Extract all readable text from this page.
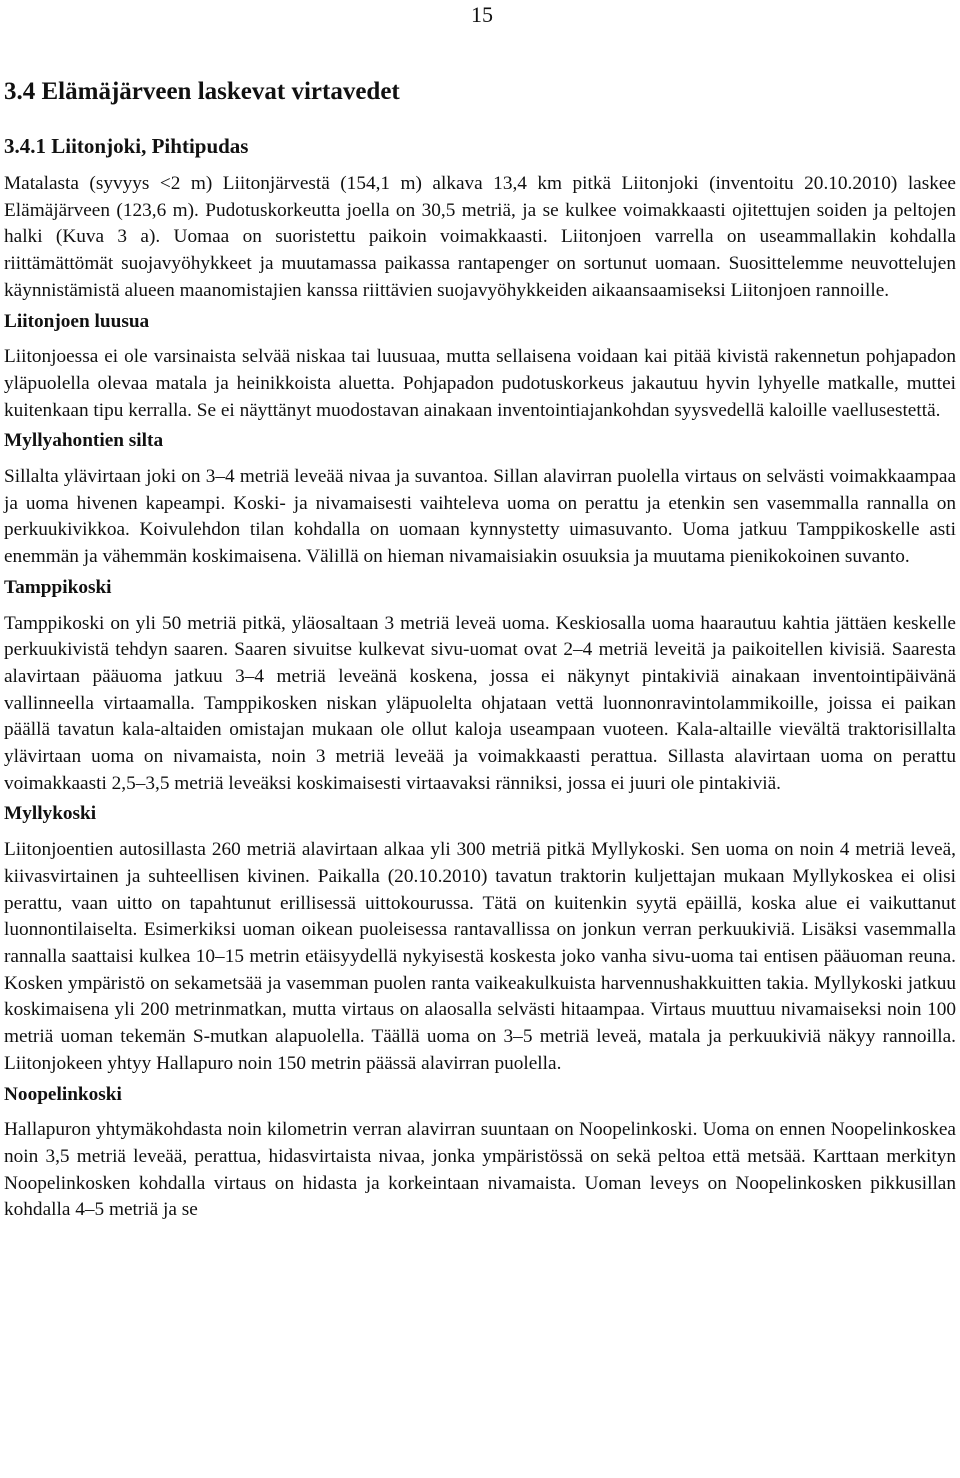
15
3.4 Elämäjärveen laskevat virtavedet
3.4.1 Liitonjoki, Pihtipudas

Matalasta (syvyys <2 m) Liitonjärvestä (154,1 m) alkava 13,4 km pitkä Liitonjoki (inventoitu 20.10.2010) laskee Elämäjärveen (123,6 m). Pudotuskorkeutta joella on 30,5 metriä, ja se kulkee voimakkaasti ojitettujen soiden ja peltojen halki (Kuva 3 a). Uomaa on suoristettu paikoin voimakkaasti. Liitonjoen varrella on useammallakin kohdalla riittämättömät suojavyöhykkeet ja muutamassa paikassa rantapenger on sortunut uomaan. Suosittelemme neuvottelujen käynnistämistä alueen maanomistajien kanssa riittävien suojavyöhykkeiden aikaansaamiseksi Liitonjoen rannoille.

Liitonjoen luusua

Liitonjoessa ei ole varsinaista selvää niskaa tai luusuaa, mutta sellaisena voidaan kai pitää kivistä rakennetun pohjapadon yläpuolella olevaa matala ja heinikkoista aluetta. Pohjapadon pudotuskorkeus jakautuu hyvin lyhyelle matkalle, muttei kuitenkaan tipu kerralla. Se ei näyttänyt muodostavan ainakaan inventointiajankohdan syysvedellä kaloille vaellusestettä.

Myllyahontien silta

Sillalta ylävirtaan joki on 3–4 metriä leveää nivaa ja suvantoa. Sillan alavirran puolella virtaus on selvästi voimakkaampaa ja uoma hivenen kapeampi. Koski- ja nivamaisesti vaihteleva uoma on perattu ja etenkin sen vasemmalla rannalla on perkuukivikkoa. Koivulehdon tilan kohdalla on uomaan kynnystetty uimasuvanto. Uoma jatkuu Tamppikoskelle asti enemmän ja vähemmän koskimaisena. Välillä on hieman nivamaisiakin osuuksia ja muutama pienikokoinen suvanto.

Tamppikoski

Tamppikoski on yli 50 metriä pitkä, yläosaltaan 3 metriä leveä uoma. Keskiosalla uoma haarautuu kahtia jättäen keskelle perkuukivistä tehdyn saaren. Saaren sivuitse kulkevat sivu-uomat ovat 2–4 metriä leveitä ja paikoitellen kivisiä. Saaresta alavirtaan pääuoma jatkuu 3–4 metriä leveänä koskena, jossa ei näkynyt pintakiviä ainakaan inventointipäivänä vallinneella virtaamalla. Tamppikosken niskan yläpuolelta ohjataan vettä luonnonravintolammikoille, joissa ei paikan päällä tavatun kala-altaiden omistajan mukaan ole ollut kaloja useampaan vuoteen. Kala-altaille vievältä traktorisillalta ylävirtaan uoma on nivamaista, noin 3 metriä leveää ja voimakkaasti perattua. Sillasta alavirtaan uoma on perattu voimakkaasti 2,5–3,5 metriä leveäksi koskimaisesti virtaavaksi ränniksi, jossa ei juuri ole pintakiviä.

Myllykoski

Liitonjoentien autosillasta 260 metriä alavirtaan alkaa yli 300 metriä pitkä Myllykoski. Sen uoma on noin 4 metriä leveä, kiivasvirtainen ja suhteellisen kivinen. Paikalla (20.10.2010) tavatun traktorin kuljettajan mukaan Myllykoskea ei olisi perattu, vaan uitto on tapahtunut erillisessä uittokourussa. Tätä on kuitenkin syytä epäillä, koska alue ei vaikuttanut luonnontilaiselta. Esimerkiksi uoman oikean puoleisessa rantavallissa on jonkun verran perkuukiviä. Lisäksi vasemmalla rannalla saattaisi kulkea 10–15 metrin etäisyydellä nykyisestä koskesta joko vanha sivu-uoma tai entisen pääuoman reuna. Kosken ympäristö on sekametsää ja vasemman puolen ranta vaikeakulkuista harvennushakkuitten takia. Myllykoski jatkuu koskimaisena yli 200 metrinmatkan, mutta virtaus on alaosalla selvästi hitaampaa. Virtaus muuttuu nivamaiseksi noin 100 metriä uoman tekemän S-mutkan alapuolella. Täällä uoma on 3–5 metriä leveä, matala ja perkuukiviä näkyy rannoilla. Liitonjokeen yhtyy Hallapuro noin 150 metrin päässä alavirran puolella.

Noopelinkoski

Hallapuron yhtymäkohdasta noin kilometrin verran alavirran suuntaan on Noopelinkoski. Uoma on ennen Noopelinkoskea noin 3,5 metriä leveää, perattua, hidasvirtaista nivaa, jonka ympäristössä on sekä peltoa että metsää. Karttaan merkityn Noopelinkosken kohdalla virtaus on hidasta ja korkeintaan nivamaista. Uoman leveys on Noopelinkosken pikkusillan kohdalla 4–5 metriä ja se
